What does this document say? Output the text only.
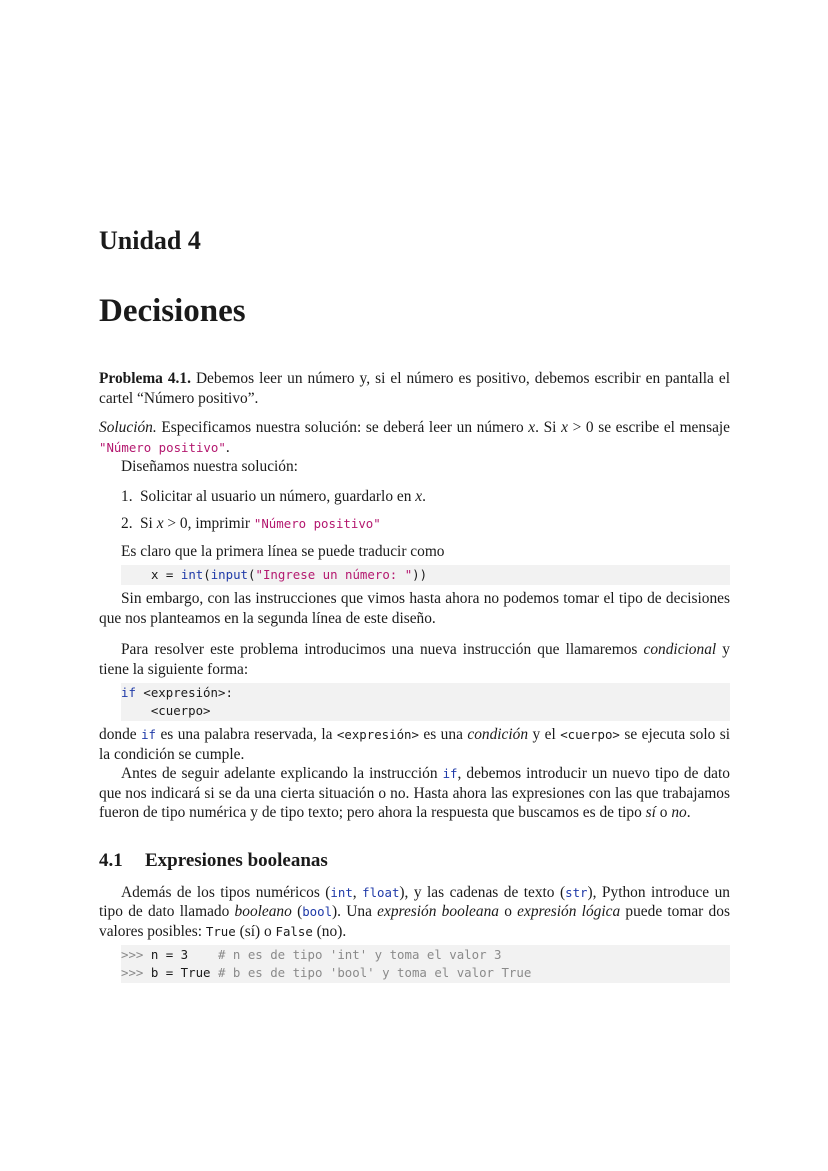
Unidad 4
Decisiones

Problema 4.1. Debemos leer un número y, si el número es positivo, debemos escribir en pantalla el cartel “Número positivo”.

Solución. Especificamos nuestra solución: se deberá leer un número x. Si x > 0 se escribe el mensaje "Número positivo".

Diseñamos nuestra solución:

1. Solicitar al usuario un número, guardarlo en x.
2. Si x > 0, imprimir "Número positivo"

Es claro que la primera línea se puede traducir como

x = int(input("Ingrese un número: "))

Sin embargo, con las instrucciones que vimos hasta ahora no podemos tomar el tipo de decisiones que nos planteamos en la segunda línea de este diseño.

Para resolver este problema introducimos una nueva instrucción que llamaremos condicional y tiene la siguiente forma:

if <expresión>:
<cuerpo>

donde if es una palabra reservada, la <expresión> es una condición y el <cuerpo> se ejecuta solo si la condición se cumple.

Antes de seguir adelante explicando la instrucción if, debemos introducir un nuevo tipo de dato que nos indicará si se da una cierta situación o no. Hasta ahora las expresiones con las que trabajamos fueron de tipo numérica y de tipo texto; pero ahora la respuesta que buscamos es de tipo sí o no.

4.1 Expresiones booleanas

Además de los tipos numéricos (int, float), y las cadenas de texto (str), Python introduce un tipo de dato llamado booleano (bool). Una expresión booleana o expresión lógica puede tomar dos valores posibles: True (sí) o False (no).

>>> n = 3    # n es de tipo 'int' y toma el valor 3
>>> b = True # b es de tipo 'bool' y toma el valor True
